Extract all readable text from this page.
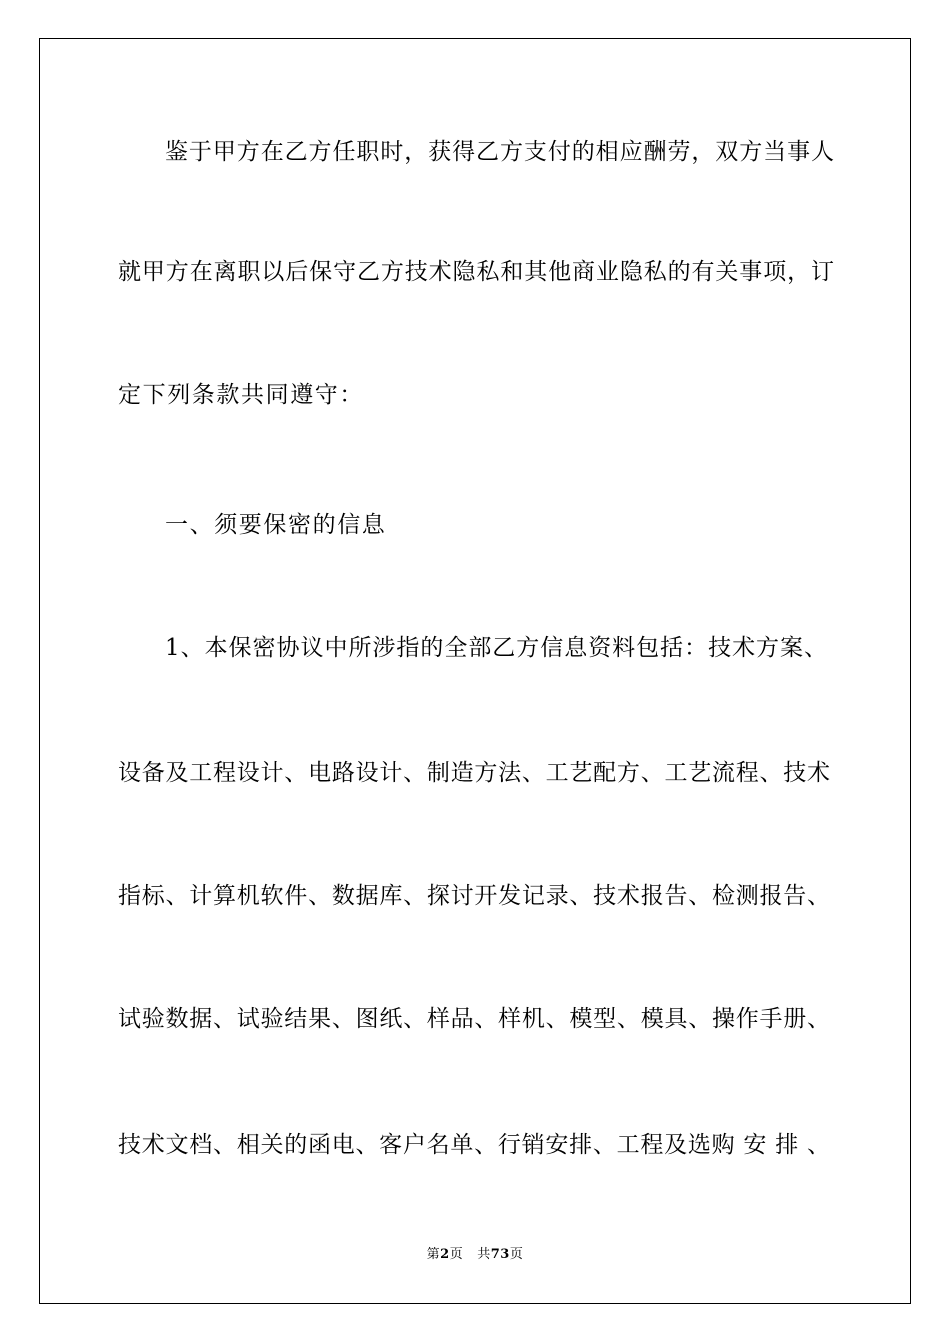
鉴于甲方在乙方任职时，获得乙方支付的相应酬劳，双方当事人
就甲方在离职以后保守乙方技术隐私和其他商业隐私的有关事项，订
定下列条款共同遵守：
一、须要保密的信息
1、本保密协议中所涉指的全部乙方信息资料包括：技术方案、
设备及工程设计、电路设计、制造方法、工艺配方、工艺流程、技术
指标、计算机软件、数据库、探讨开发记录、技术报告、检测报告、
试验数据、试验结果、图纸、样品、样机、模型、模具、操作手册、
技术文档、相关的函电、客户名单、行销安排、工程及选购 安 排 、
第2页 共73页
